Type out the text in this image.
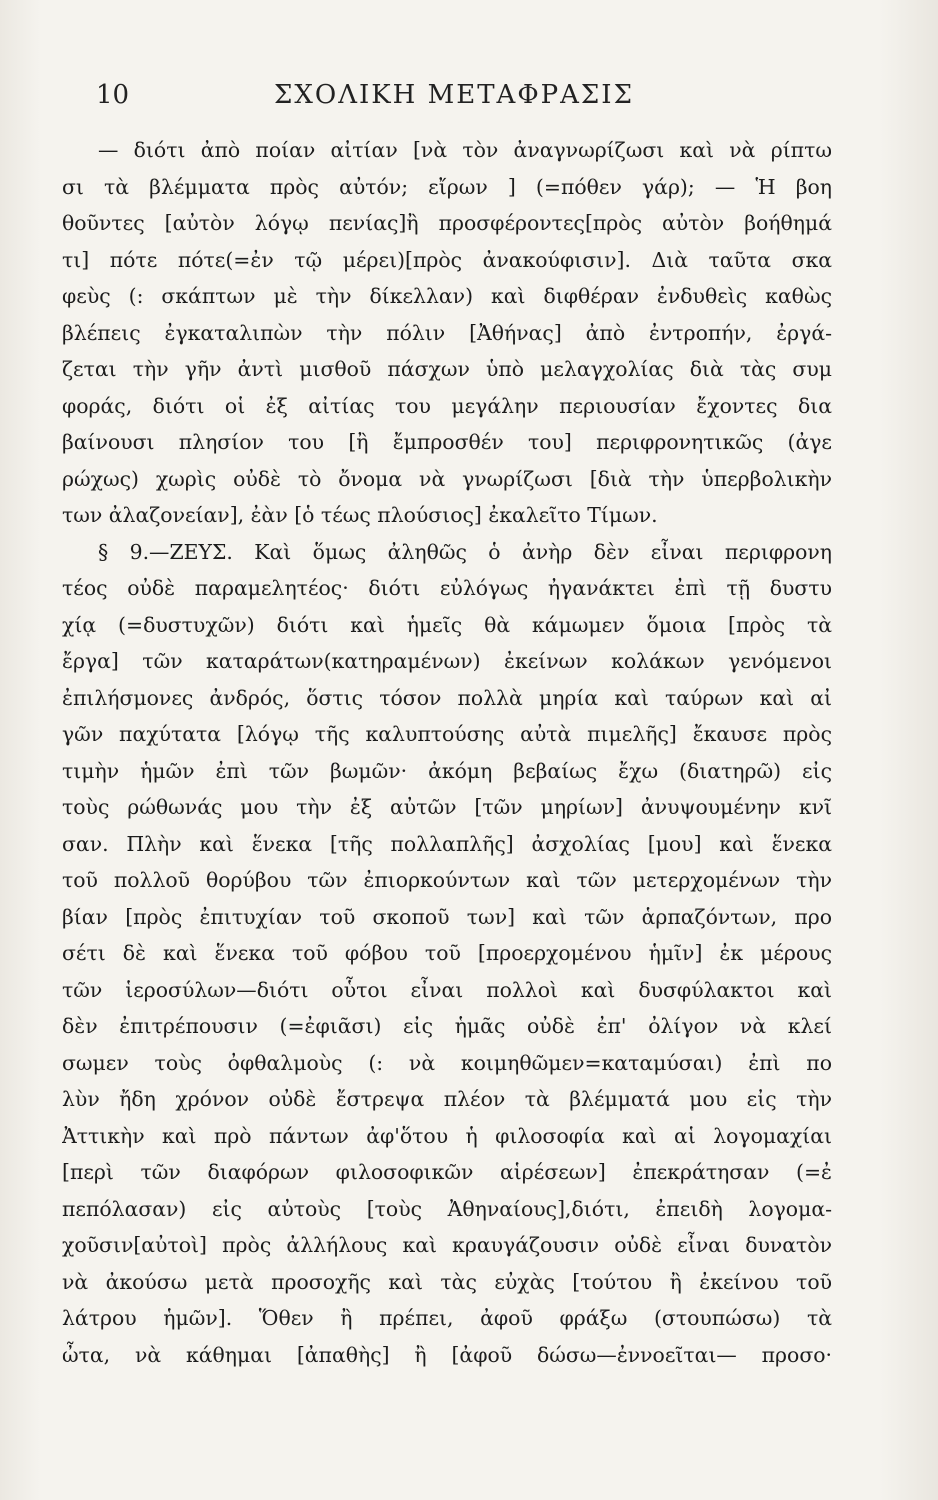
10	ΣΧΟΛΙΚΗ ΜΕΤΑΦΡΑΣΙΣ
— διότι ἀπὸ ποίαν αἰτίαν [νὰ τὸν ἀναγνωρίζωσι καὶ νὰ ρίπτω
σι τὰ βλέμματα πρὸς αὐτόν; εἴρων ] (=πόθεν γάρ); — Ἡ βοη
θοῦντες [αὐτὸν λόγῳ πενίας]ἢ προσφέροντες[πρὸς αὐτὸν βοήθημά
τι] πότε πότε(=ἐν τῷ μέρει)[πρὸς ἀνακούφισιν]. Διὰ ταῦτα σκα
φεὺς (: σκάπτων μὲ τὴν δίκελλαν) καὶ διφθέραν ἐνδυθεὶς καθὼς
βλέπεις ἐγκαταλιπὼν τὴν πόλιν [Ἀθήνας] ἀπὸ ἐντροπήν, ἐργά-
ζεται τὴν γῆν ἀντὶ μισθοῦ πάσχων ὑπὸ μελαγχολίας διὰ τὰς συμ
φοράς, διότι οἱ ἐξ αἰτίας του μεγάλην περιουσίαν ἔχοντες δια
βαίνουσι πλησίον του [ἢ ἔμπροσθέν του] περιφρονητικῶς (ἀγε
ρώχως) χωρὶς οὐδὲ τὸ ὄνομα νὰ γνωρίζωσι [διὰ τὴν ὑπερβολικὴν
των ἀλαζονείαν], ἐὰν [ὁ τέως πλούσιος] ἐκαλεῖτο Τίμων.
§ 9.—ΖΕΥΣ. Καὶ ὅμως ἀληθῶς ὁ ἀνὴρ δὲν εἶναι περιφρονη
τέος οὐδὲ παραμελητέος· διότι εὐλόγως ἠγανάκτει ἐπὶ τῇ δυστυ
χίᾳ (=δυστυχῶν) διότι καὶ ἡμεῖς θὰ κάμωμεν ὅμοια [πρὸς τὰ
ἔργα] τῶν καταράτων(κατηραμένων) ἐκείνων κολάκων γενόμενοι
ἐπιλήσμονες ἀνδρός, ὅστις τόσον πολλὰ μηρία καὶ ταύρων καὶ αἰ
γῶν παχύτατα [λόγῳ τῆς καλυπτούσης αὐτὰ πιμελῆς] ἔκαυσε πρὸς
τιμὴν ἡμῶν ἐπὶ τῶν βωμῶν· ἀκόμη βεβαίως ἔχω (διατηρῶ) εἰς
τοὺς ρώθωνάς μου τὴν ἐξ αὐτῶν [τῶν μηρίων] ἀνυψουμένην κνῖ
σαν. Πλὴν καὶ ἕνεκα [τῆς πολλαπλῆς] ἀσχολίας [μου] καὶ ἕνεκα
τοῦ πολλοῦ θορύβου τῶν ἐπιορκούντων καὶ τῶν μετερχομένων τὴν
βίαν [πρὸς ἐπιτυχίαν τοῦ σκοποῦ των] καὶ τῶν ἁρπαζόντων, προ
σέτι δὲ καὶ ἕνεκα τοῦ φόβου τοῦ [προερχομένου ἡμῖν] ἐκ μέρους
τῶν ἱεροσύλων—διότι οὗτοι εἶναι πολλοὶ καὶ δυσφύλακτοι καὶ
δὲν ἐπιτρέπουσιν (=ἐφιᾶσι) εἰς ἡμᾶς οὐδὲ ἐπ' ὀλίγον νὰ κλεί
σωμεν τοὺς ὀφθαλμοὺς (: νὰ κοιμηθῶμεν=καταμύσαι) ἐπὶ πο
λὺν ἤδη χρόνον οὐδὲ ἔστρεψα πλέον τὰ βλέμματά μου εἰς τὴν
Ἀττικὴν καὶ πρὸ πάντων ἀφ'ὅτου ἡ φιλοσοφία καὶ αἱ λογομαχίαι
[περὶ τῶν διαφόρων φιλοσοφικῶν αἱρέσεων] ἐπεκράτησαν (=ἐ
πεπόλασαν) εἰς αὐτοὺς [τοὺς Ἀθηναίους],διότι, ἐπειδὴ λογομα-
χοῦσιν[αὐτοὶ] πρὸς ἀλλήλους καὶ κραυγάζουσιν οὐδὲ εἶναι δυνατὸν
νὰ ἀκούσω μετὰ προσοχῆς καὶ τὰς εὐχὰς [τούτου ἢ ἐκείνου τοῦ
λάτρου ἡμῶν]. Ὅθεν ἢ πρέπει, ἀφοῦ φράξω (στουπώσω) τὰ
ὦτα, νὰ κάθημαι [ἀπαθὴς] ἢ [ἀφοῦ δώσω—ἐννοεῖται— προσο·
